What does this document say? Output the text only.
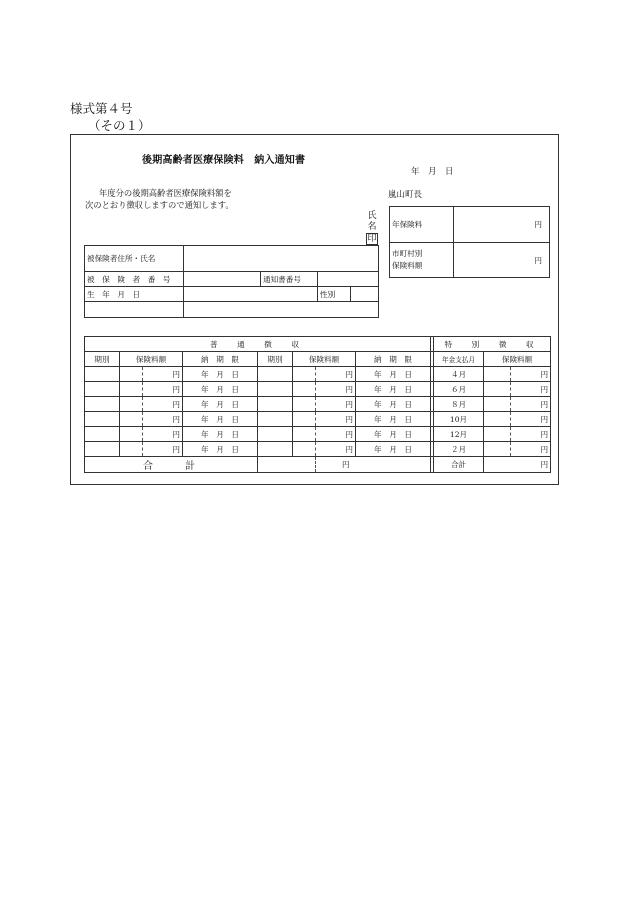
様式第４号
（その１）
後期高齢者医療保険料　納入通知書
年　月　日
年度分の後期高齢者医療保険料額を
次のとおり徴収しますので通知します。
嵐山町長
氏
名
印
年保険料	円

市町村別
保険料額	円
被保険者住所・氏名				
被　保　険　者　番　号		通知書番号		
生　年　月　日			性別	

普　通　徴　収									特　別　徴　収		
期別	保険料額		納　期　限	期別	保険料額		納　期　限		年金支払月	保険料額	
		円	年　月　日			円	年　月　日		４月		円
		円	年　月　日			円	年　月　日		６月		円
		円	年　月　日			円	年　月　日		８月		円
		円	年　月　日			円	年　月　日		10月		円
		円	年　月　日			円	年　月　日		12月		円
		円	年　月　日			円	年　月　日		２月		円
合　　計						円			合計	円	
